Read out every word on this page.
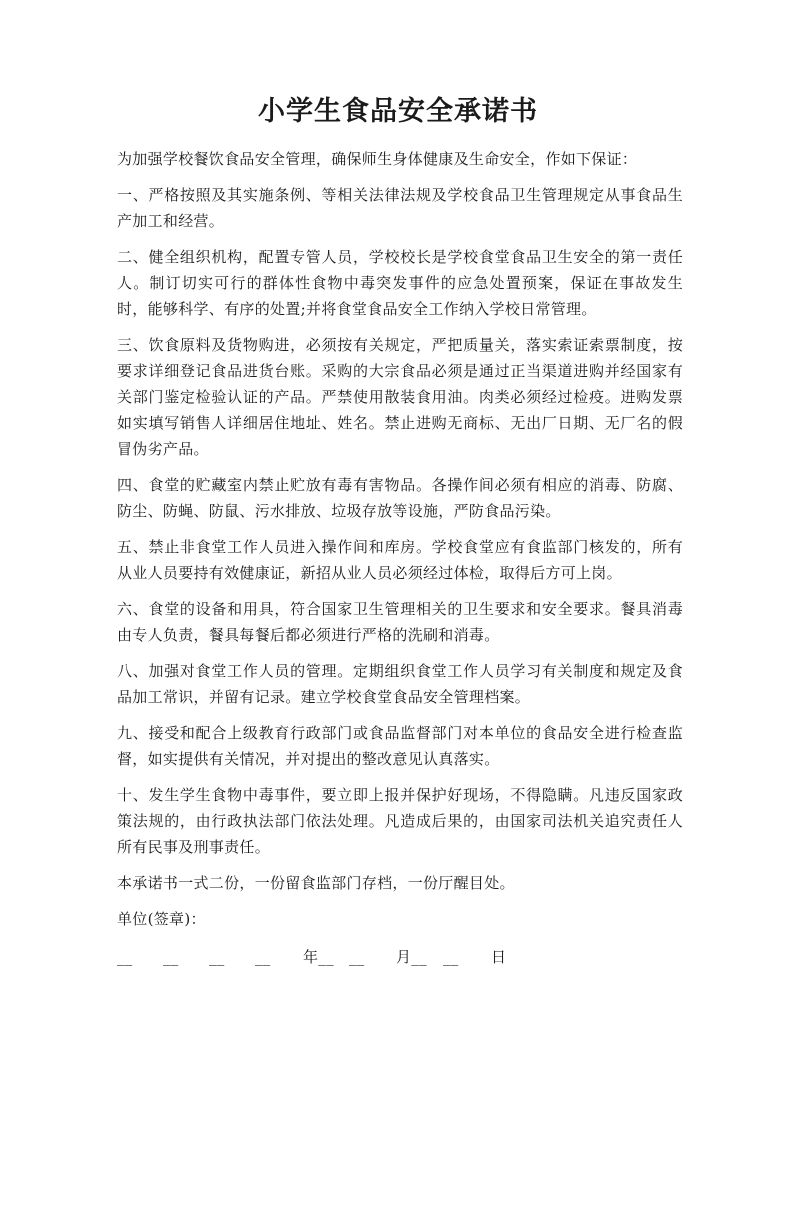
小学生食品安全承诺书

为加强学校餐饮食品安全管理，确保师生身体健康及生命安全，作如下保证：

一、严格按照及其实施条例、等相关法律法规及学校食品卫生管理规定从事食品生产加工和经营。

二、健全组织机构，配置专管人员，学校校长是学校食堂食品卫生安全的第一责任人。制订切实可行的群体性食物中毒突发事件的应急处置预案，保证在事故发生时，能够科学、有序的处置;并将食堂食品安全工作纳入学校日常管理。

三、饮食原料及货物购进，必须按有关规定，严把质量关，落实索证索票制度，按要求详细登记食品进货台账。采购的大宗食品必须是通过正当渠道进购并经国家有关部门鉴定检验认证的产品。严禁使用散装食用油。肉类必须经过检疫。进购发票如实填写销售人详细居住地址、姓名。禁止进购无商标、无出厂日期、无厂名的假冒伪劣产品。

四、食堂的贮藏室内禁止贮放有毒有害物品。各操作间必须有相应的消毒、防腐、防尘、防蝇、防鼠、污水排放、垃圾存放等设施，严防食品污染。

五、禁止非食堂工作人员进入操作间和库房。学校食堂应有食监部门核发的，所有从业人员要持有效健康证，新招从业人员必须经过体检，取得后方可上岗。

六、食堂的设备和用具，符合国家卫生管理相关的卫生要求和安全要求。餐具消毒由专人负责，餐具每餐后都必须进行严格的洗刷和消毒。

八、加强对食堂工作人员的管理。定期组织食堂工作人员学习有关制度和规定及食品加工常识，并留有记录。建立学校食堂食品安全管理档案。

九、接受和配合上级教育行政部门或食品监督部门对本单位的食品安全进行检查监督，如实提供有关情况，并对提出的整改意见认真落实。

十、发生学生食物中毒事件，要立即上报并保护好现场，不得隐瞒。凡违反国家政策法规的，由行政执法部门依法处理。凡造成后果的，由国家司法机关追究责任人所有民事及刑事责任。

本承诺书一式二份，一份留食监部门存档，一份厅醒目处。

单位(签章)：

__

__

__

__

年__

__

月__

__

日
